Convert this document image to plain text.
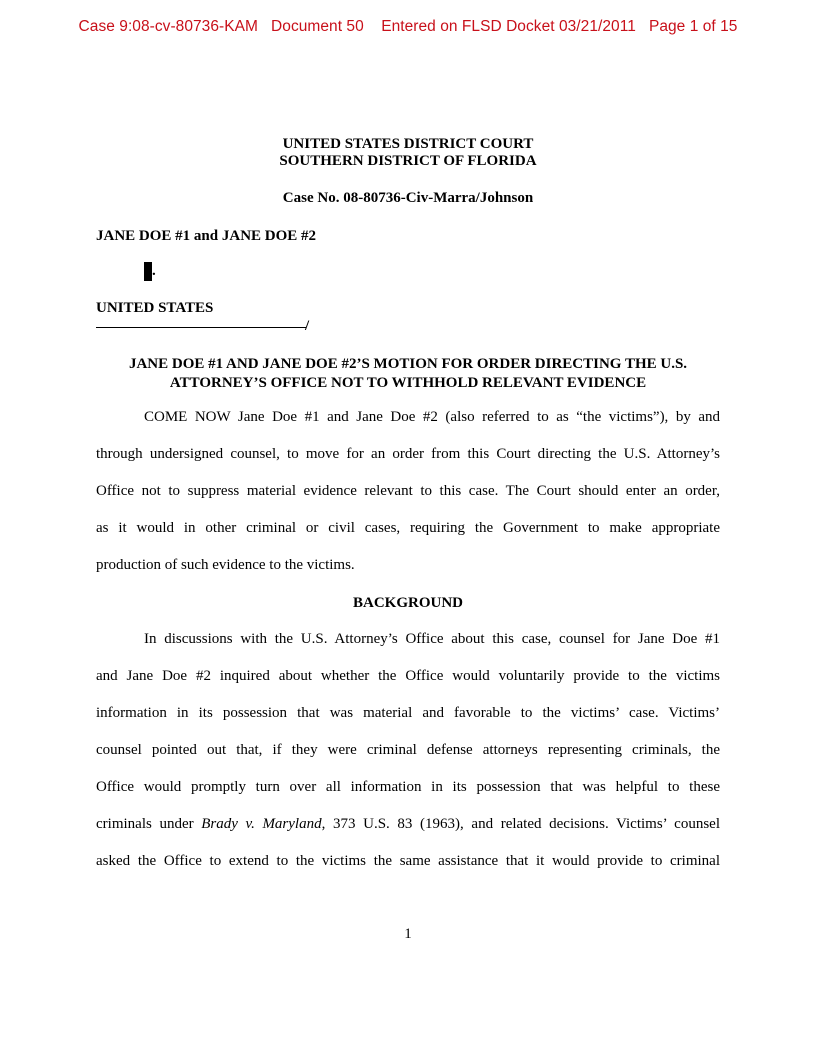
Case 9:08-cv-80736-KAM   Document 50    Entered on FLSD Docket 03/21/2011   Page 1 of 15
UNITED STATES DISTRICT COURT
SOUTHERN DISTRICT OF FLORIDA
Case No. 08-80736-Civ-Marra/Johnson
JANE DOE #1 and JANE DOE #2
.
UNITED STATES
/
JANE DOE #1 AND JANE DOE #2’S MOTION FOR ORDER DIRECTING THE U.S. ATTORNEY’S OFFICE NOT TO WITHHOLD RELEVANT EVIDENCE
COME NOW Jane Doe #1 and Jane Doe #2 (also referred to as “the victims”), by and
through undersigned counsel, to move for an order from this Court directing the U.S. Attorney’s
Office not to suppress material evidence relevant to this case. The Court should enter an order,
as it would in other criminal or civil cases, requiring the Government to make appropriate
production of such evidence to the victims.
BACKGROUND
In discussions with the U.S. Attorney’s Office about this case, counsel for Jane Doe #1
and Jane Doe #2 inquired about whether the Office would voluntarily provide to the victims
information in its possession that was material and favorable to the victims’ case. Victims’
counsel pointed out that, if they were criminal defense attorneys representing criminals, the
Office would promptly turn over all information in its possession that was helpful to these
criminals under Brady v. Maryland, 373 U.S. 83 (1963), and related decisions. Victims’ counsel
asked the Office to extend to the victims the same assistance that it would provide to criminal
1
